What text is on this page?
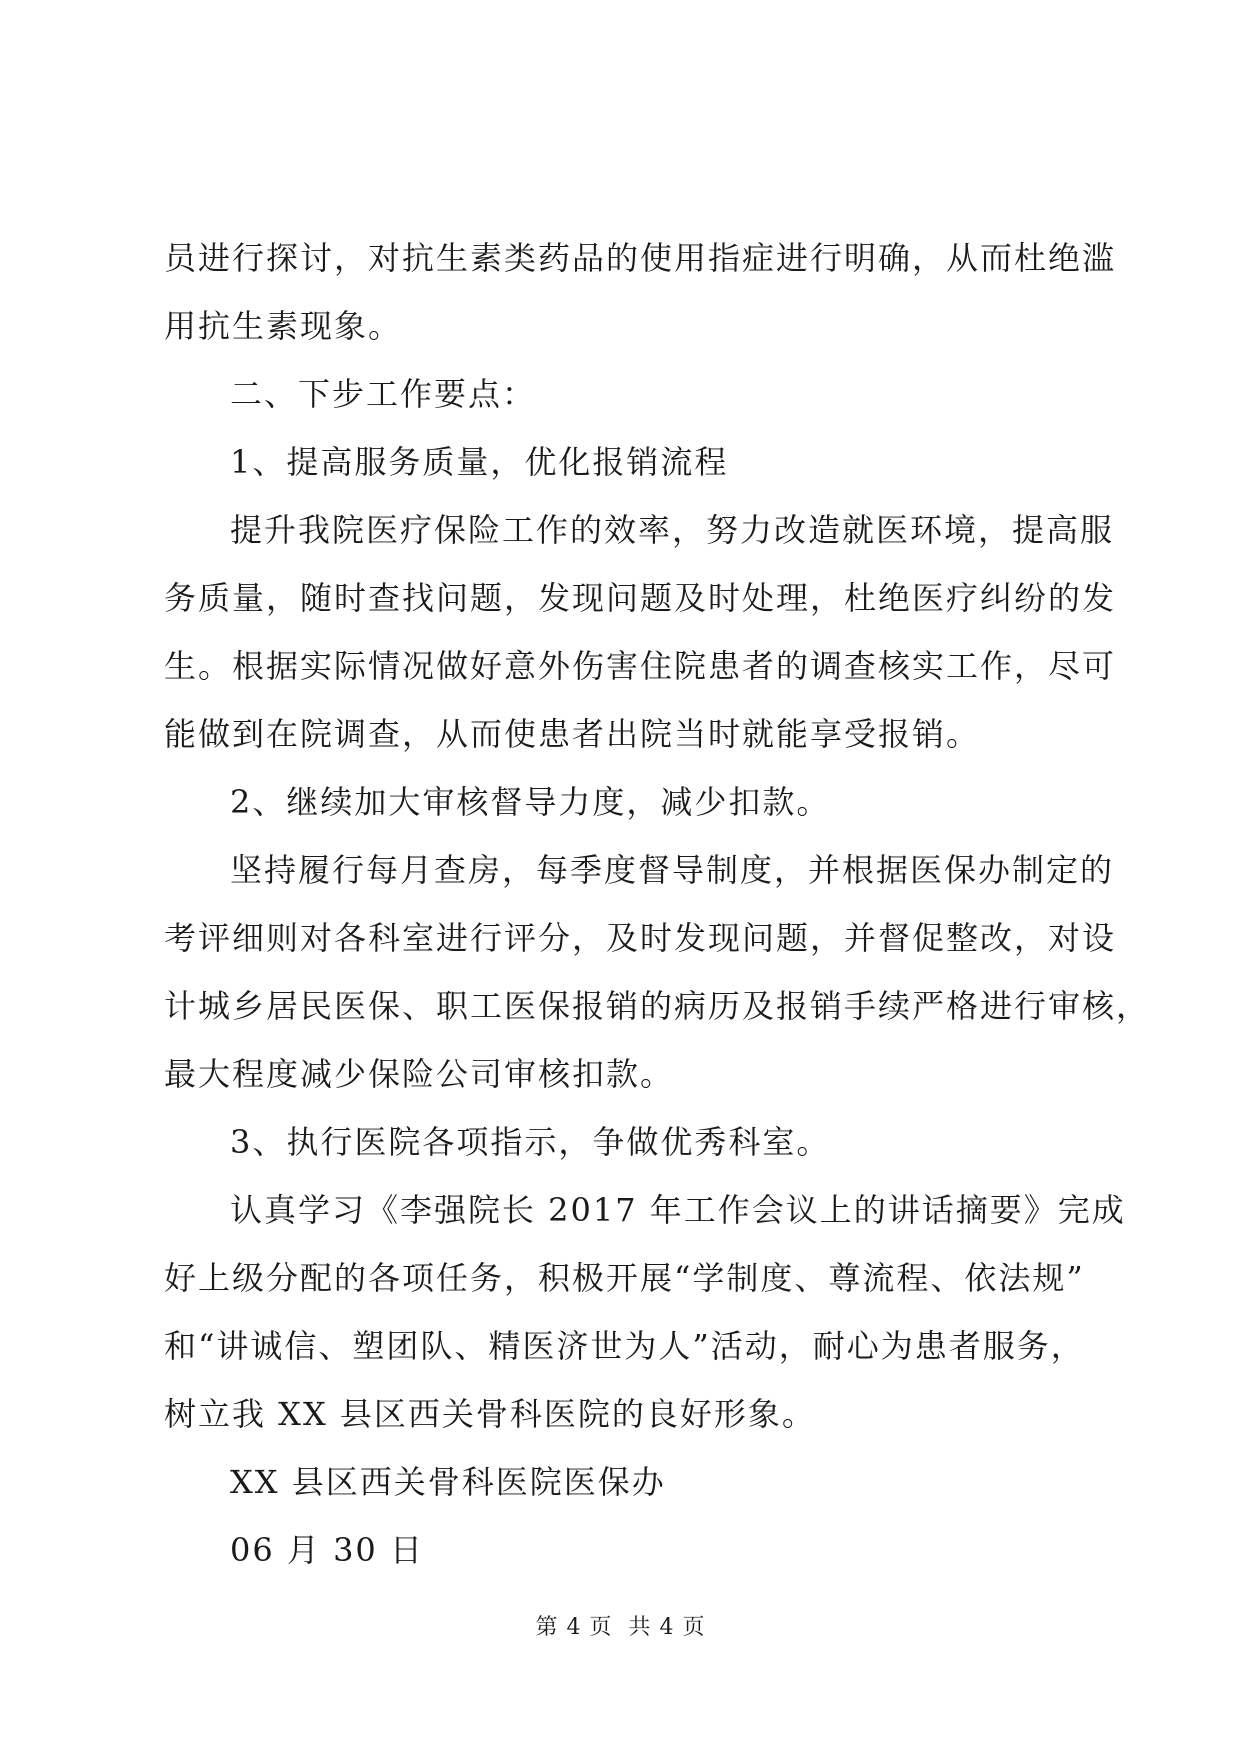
员进行探讨，对抗生素类药品的使用指症进行明确，从而杜绝滥
用抗生素现象。
二、下步工作要点：
1、提高服务质量，优化报销流程
提升我院医疗保险工作的效率，努力改造就医环境，提高服
务质量，随时查找问题，发现问题及时处理，杜绝医疗纠纷的发
生。根据实际情况做好意外伤害住院患者的调查核实工作，尽可
能做到在院调查，从而使患者出院当时就能享受报销。
2、继续加大审核督导力度，减少扣款。
坚持履行每月查房，每季度督导制度，并根据医保办制定的
考评细则对各科室进行评分，及时发现问题，并督促整改，对设
计城乡居民医保、职工医保报销的病历及报销手续严格进行审核，
最大程度减少保险公司审核扣款。
3、执行医院各项指示，争做优秀科室。
认真学习《李强院长 2017 年工作会议上的讲话摘要》完成
好上级分配的各项任务，积极开展“学制度、尊流程、依法规”
和“讲诚信、塑团队、精医济世为人”活动，耐心为患者服务，
树立我 XX 县区西关骨科医院的良好形象。
XX 县区西关骨科医院医保办
06 月 30 日
第 4 页 共 4 页
